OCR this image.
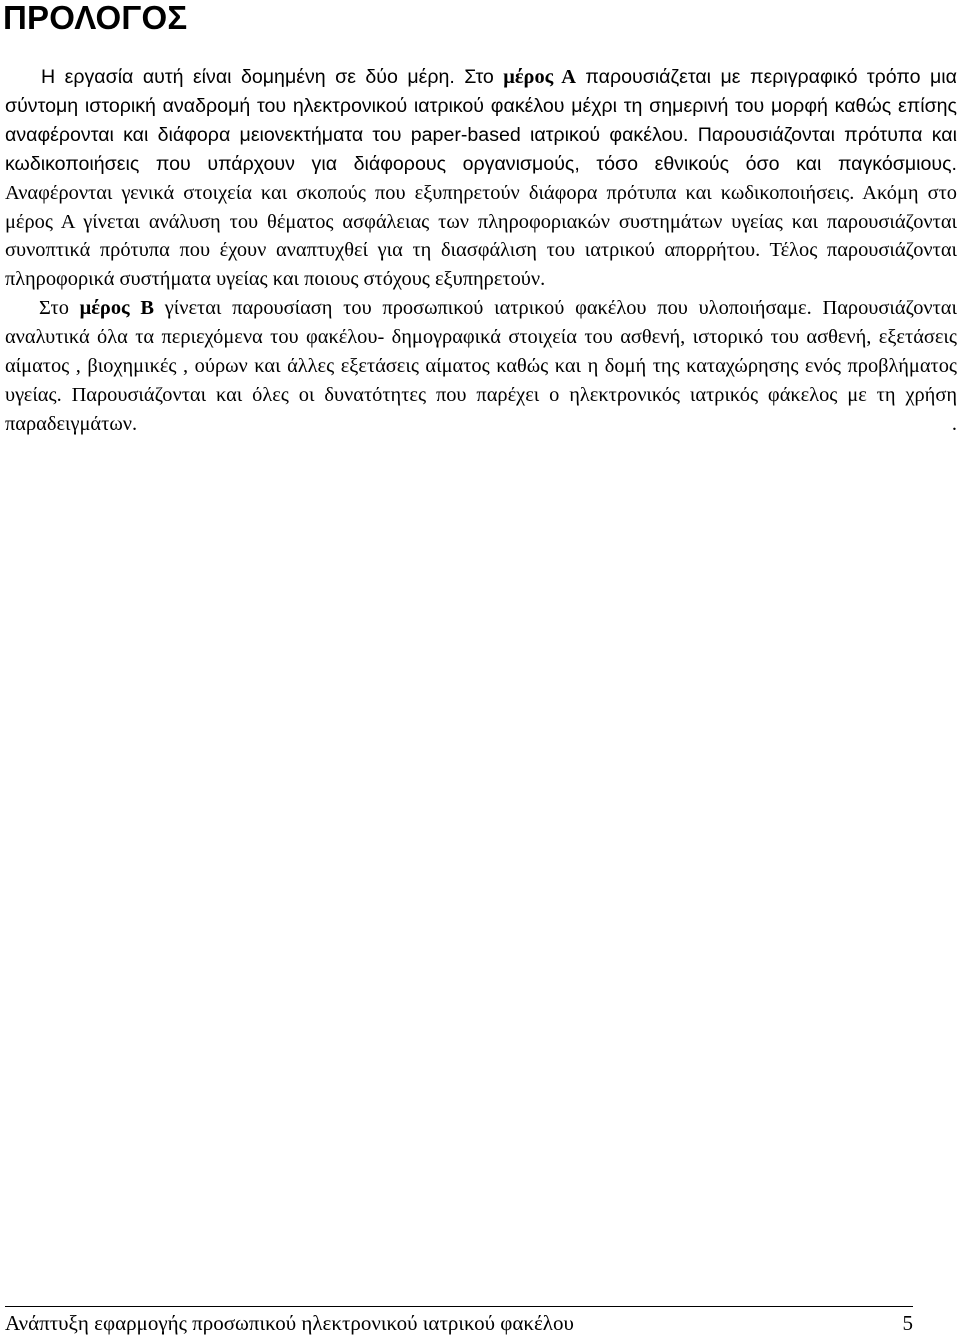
ΠΡΟΛΟΓΟΣ

Η εργασία αυτή είναι δομημένη σε δύο μέρη. Στο μέρος Α παρουσιάζεται με περιγραφικό τρόπο μια σύντομη ιστορική αναδρομή του ηλεκτρονικού ιατρικού φακέλου μέχρι τη σημερινή του μορφή καθώς επίσης αναφέρονται και διάφορα μειονεκτήματα του paper-based ιατρικού φακέλου. Παρουσιάζονται πρότυπα και κωδικοποιήσεις που υπάρχουν για διάφορους οργανισμούς, τόσο εθνικούς όσο και παγκόσμιους. Αναφέρονται γενικά στοιχεία και σκοπούς που εξυπηρετούν διάφορα πρότυπα και κωδικοποιήσεις. Ακόμη στο μέρος Α γίνεται ανάλυση του θέματος ασφάλειας των πληροφοριακών συστημάτων υγείας και παρουσιάζονται συνοπτικά πρότυπα που έχουν αναπτυχθεί για τη διασφάλιση του ιατρικού απορρήτου. Τέλος παρουσιάζονται πληροφορικά συστήματα υγείας και ποιους στόχους εξυπηρετούν.

Στο μέρος Β γίνεται παρουσίαση του προσωπικού ιατρικού φακέλου που υλοποιήσαμε. Παρουσιάζονται αναλυτικά όλα τα περιεχόμενα του φακέλου- δημογραφικά στοιχεία του ασθενή, ιστορικό του ασθενή, εξετάσεις αίματος , βιοχημικές , ούρων και άλλες εξετάσεις αίματος καθώς και η δομή της καταχώρησης ενός προβλήματος υγείας. Παρουσιάζονται και όλες οι δυνατότητες που παρέχει ο ηλεκτρονικός ιατρικός φάκελος με τη χρήση παραδειγμάτων.	.

Ανάπτυξη εφαρμογής προσωπικού ηλεκτρονικού ιατρικού φακέλου	5
